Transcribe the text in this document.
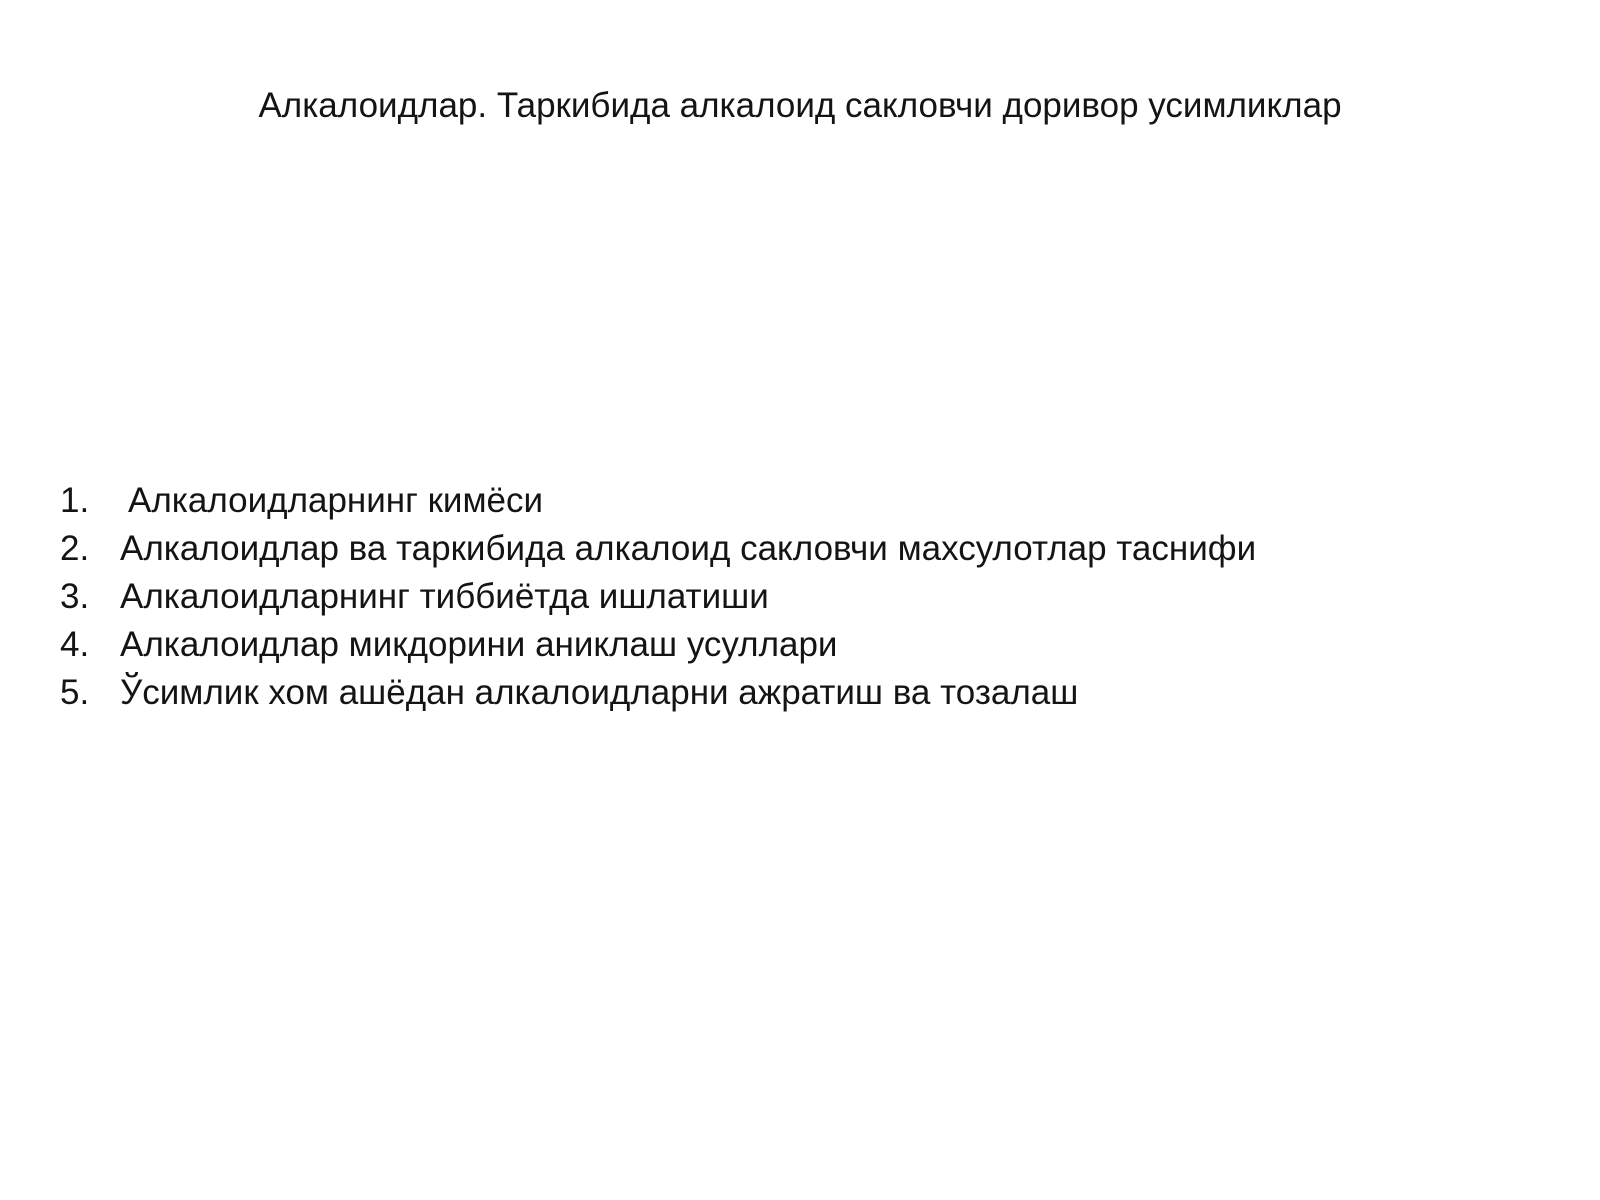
Алкалоидлар. Таркибида алкалоид сакловчи доривор усимликлар
1.	Алкалоидларнинг кимёси
2. Алкалоидлар ва таркибида алкалоид сакловчи махсулотлар таснифи
3. Алкалоидларнинг тиббиётда ишлатиши
4. Алкалоидлар микдорини аниклаш усуллари
5. Ўсимлик хом ашёдан алкалоидларни ажратиш ва тозалаш
